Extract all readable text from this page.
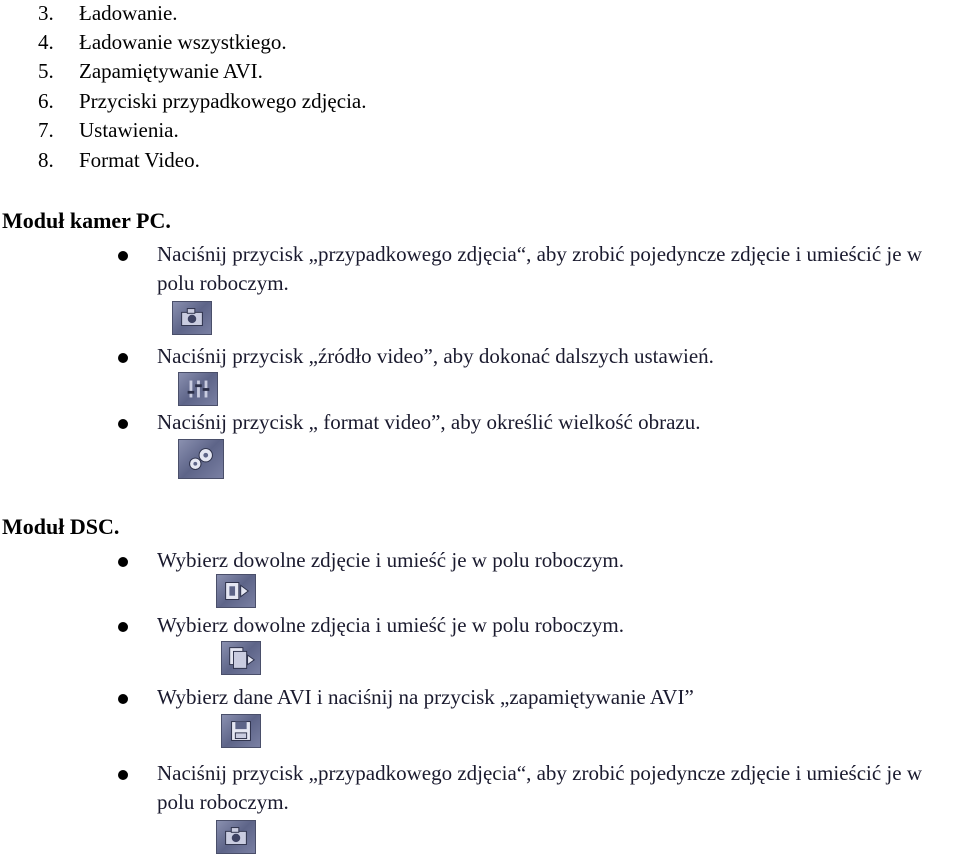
3.	Ładowanie.
4.	Ładowanie wszystkiego.
5.	Zapamiętywanie AVI.
6.	Przyciski przypadkowego zdjęcia.
7.	Ustawienia.
8.	Format Video.
Moduł kamer PC.
Naciśnij przycisk „przypadkowego zdjęcia“, aby zrobić pojedyncze zdjęcie i umieścić je w polu roboczym.
Naciśnij przycisk „źródło video”, aby dokonać dalszych ustawień.
Naciśnij przycisk „ format video”, aby określić wielkość obrazu.
Moduł DSC.
Wybierz dowolne zdjęcie i umieść je w polu roboczym.
Wybierz dowolne zdjęcia i umieść je w polu roboczym.
Wybierz dane AVI i naciśnij na przycisk „zapamiętywanie AVI”
Naciśnij przycisk „przypadkowego zdjęcia“, aby zrobić pojedyncze zdjęcie i umieścić je w polu roboczym.
